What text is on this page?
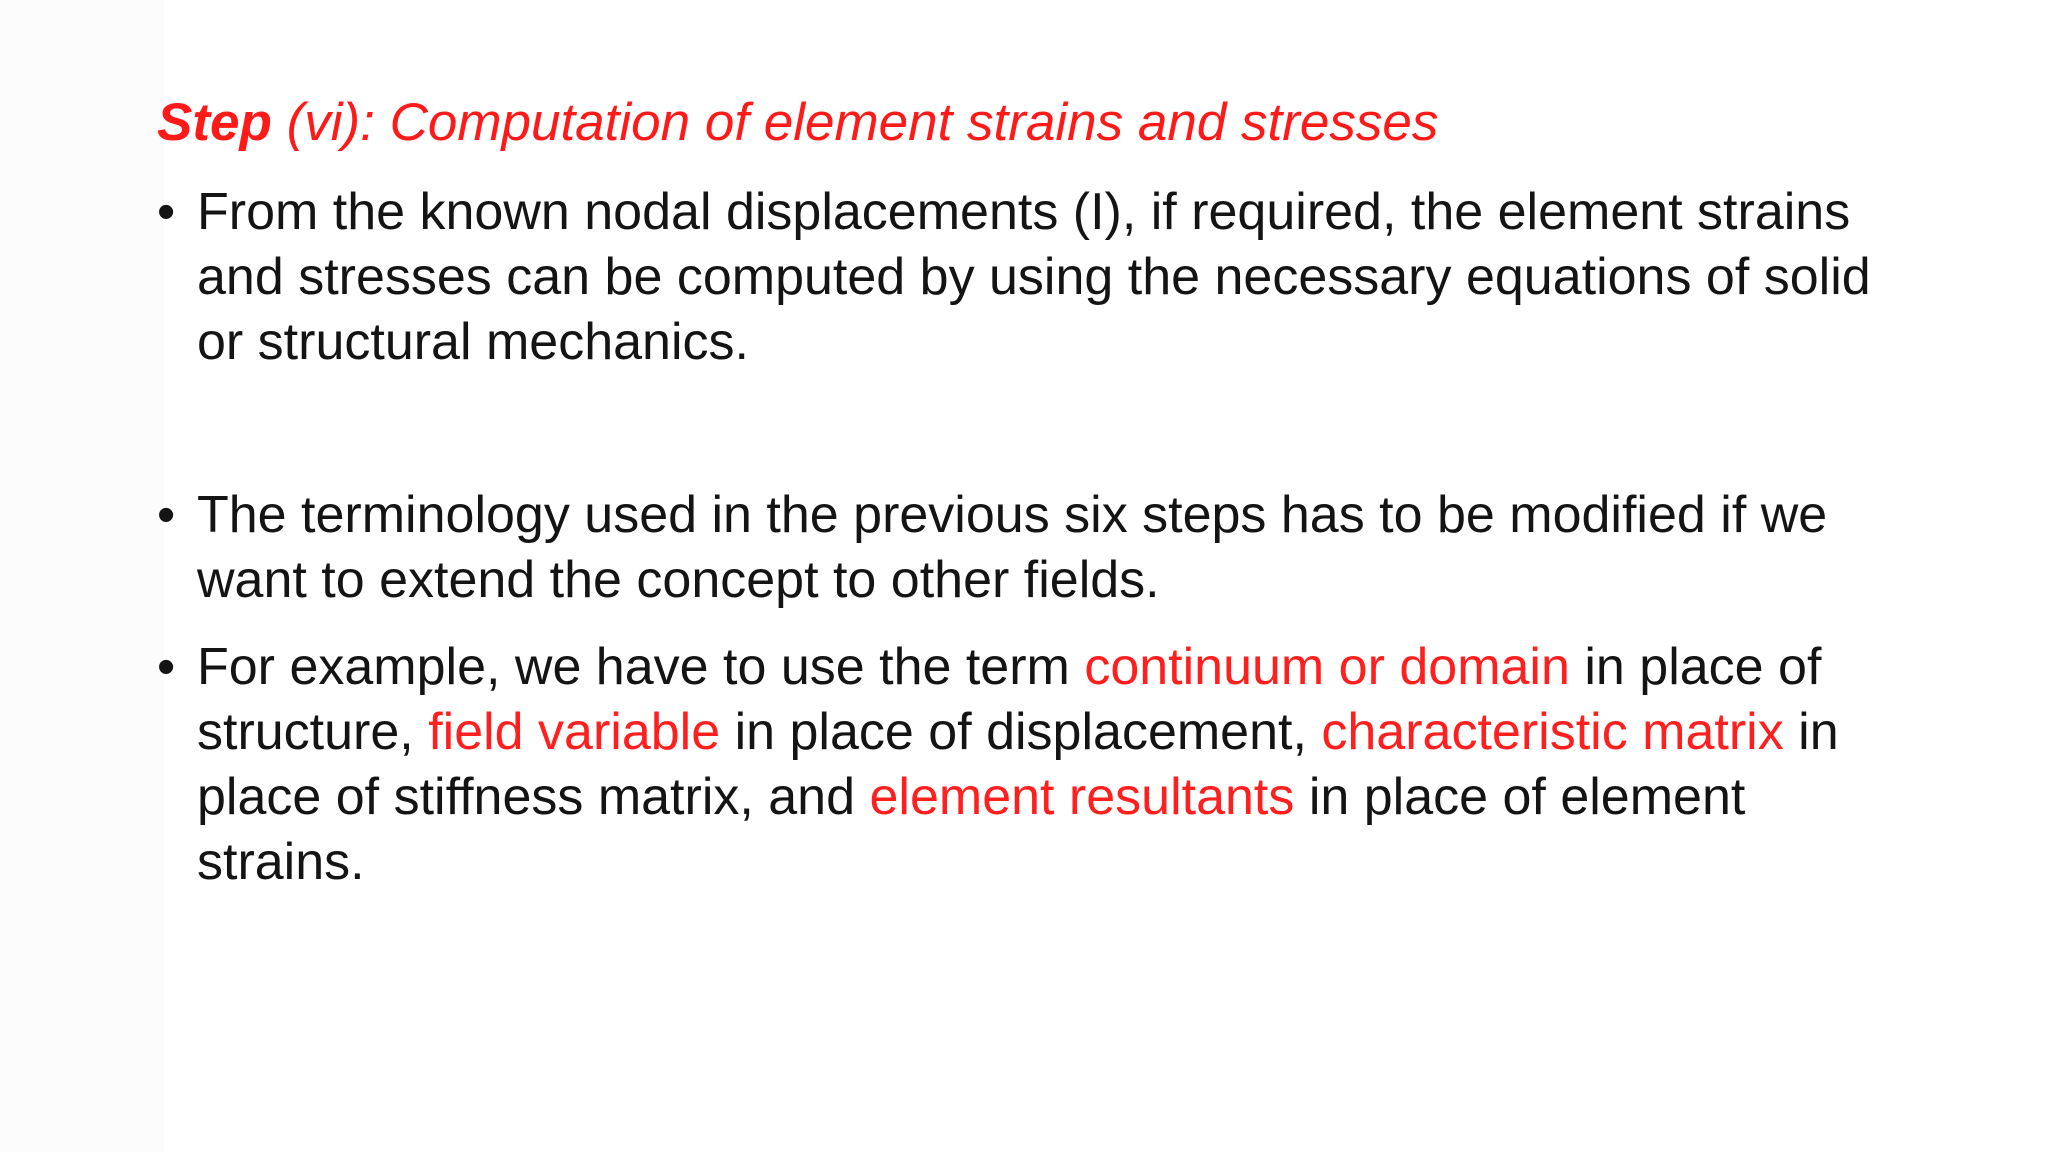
Step (vi): Computation of element strains and stresses
• From the known nodal displacements (I), if required, the element strains and stresses can be computed by using the necessary equations of solid or structural mechanics.
• The terminology used in the previous six steps has to be modified if we want to extend the concept to other fields.
• For example, we have to use the term continuum or domain in place of structure, field variable in place of displacement, characteristic matrix in place of stiffness matrix, and element resultants in place of element strains.
